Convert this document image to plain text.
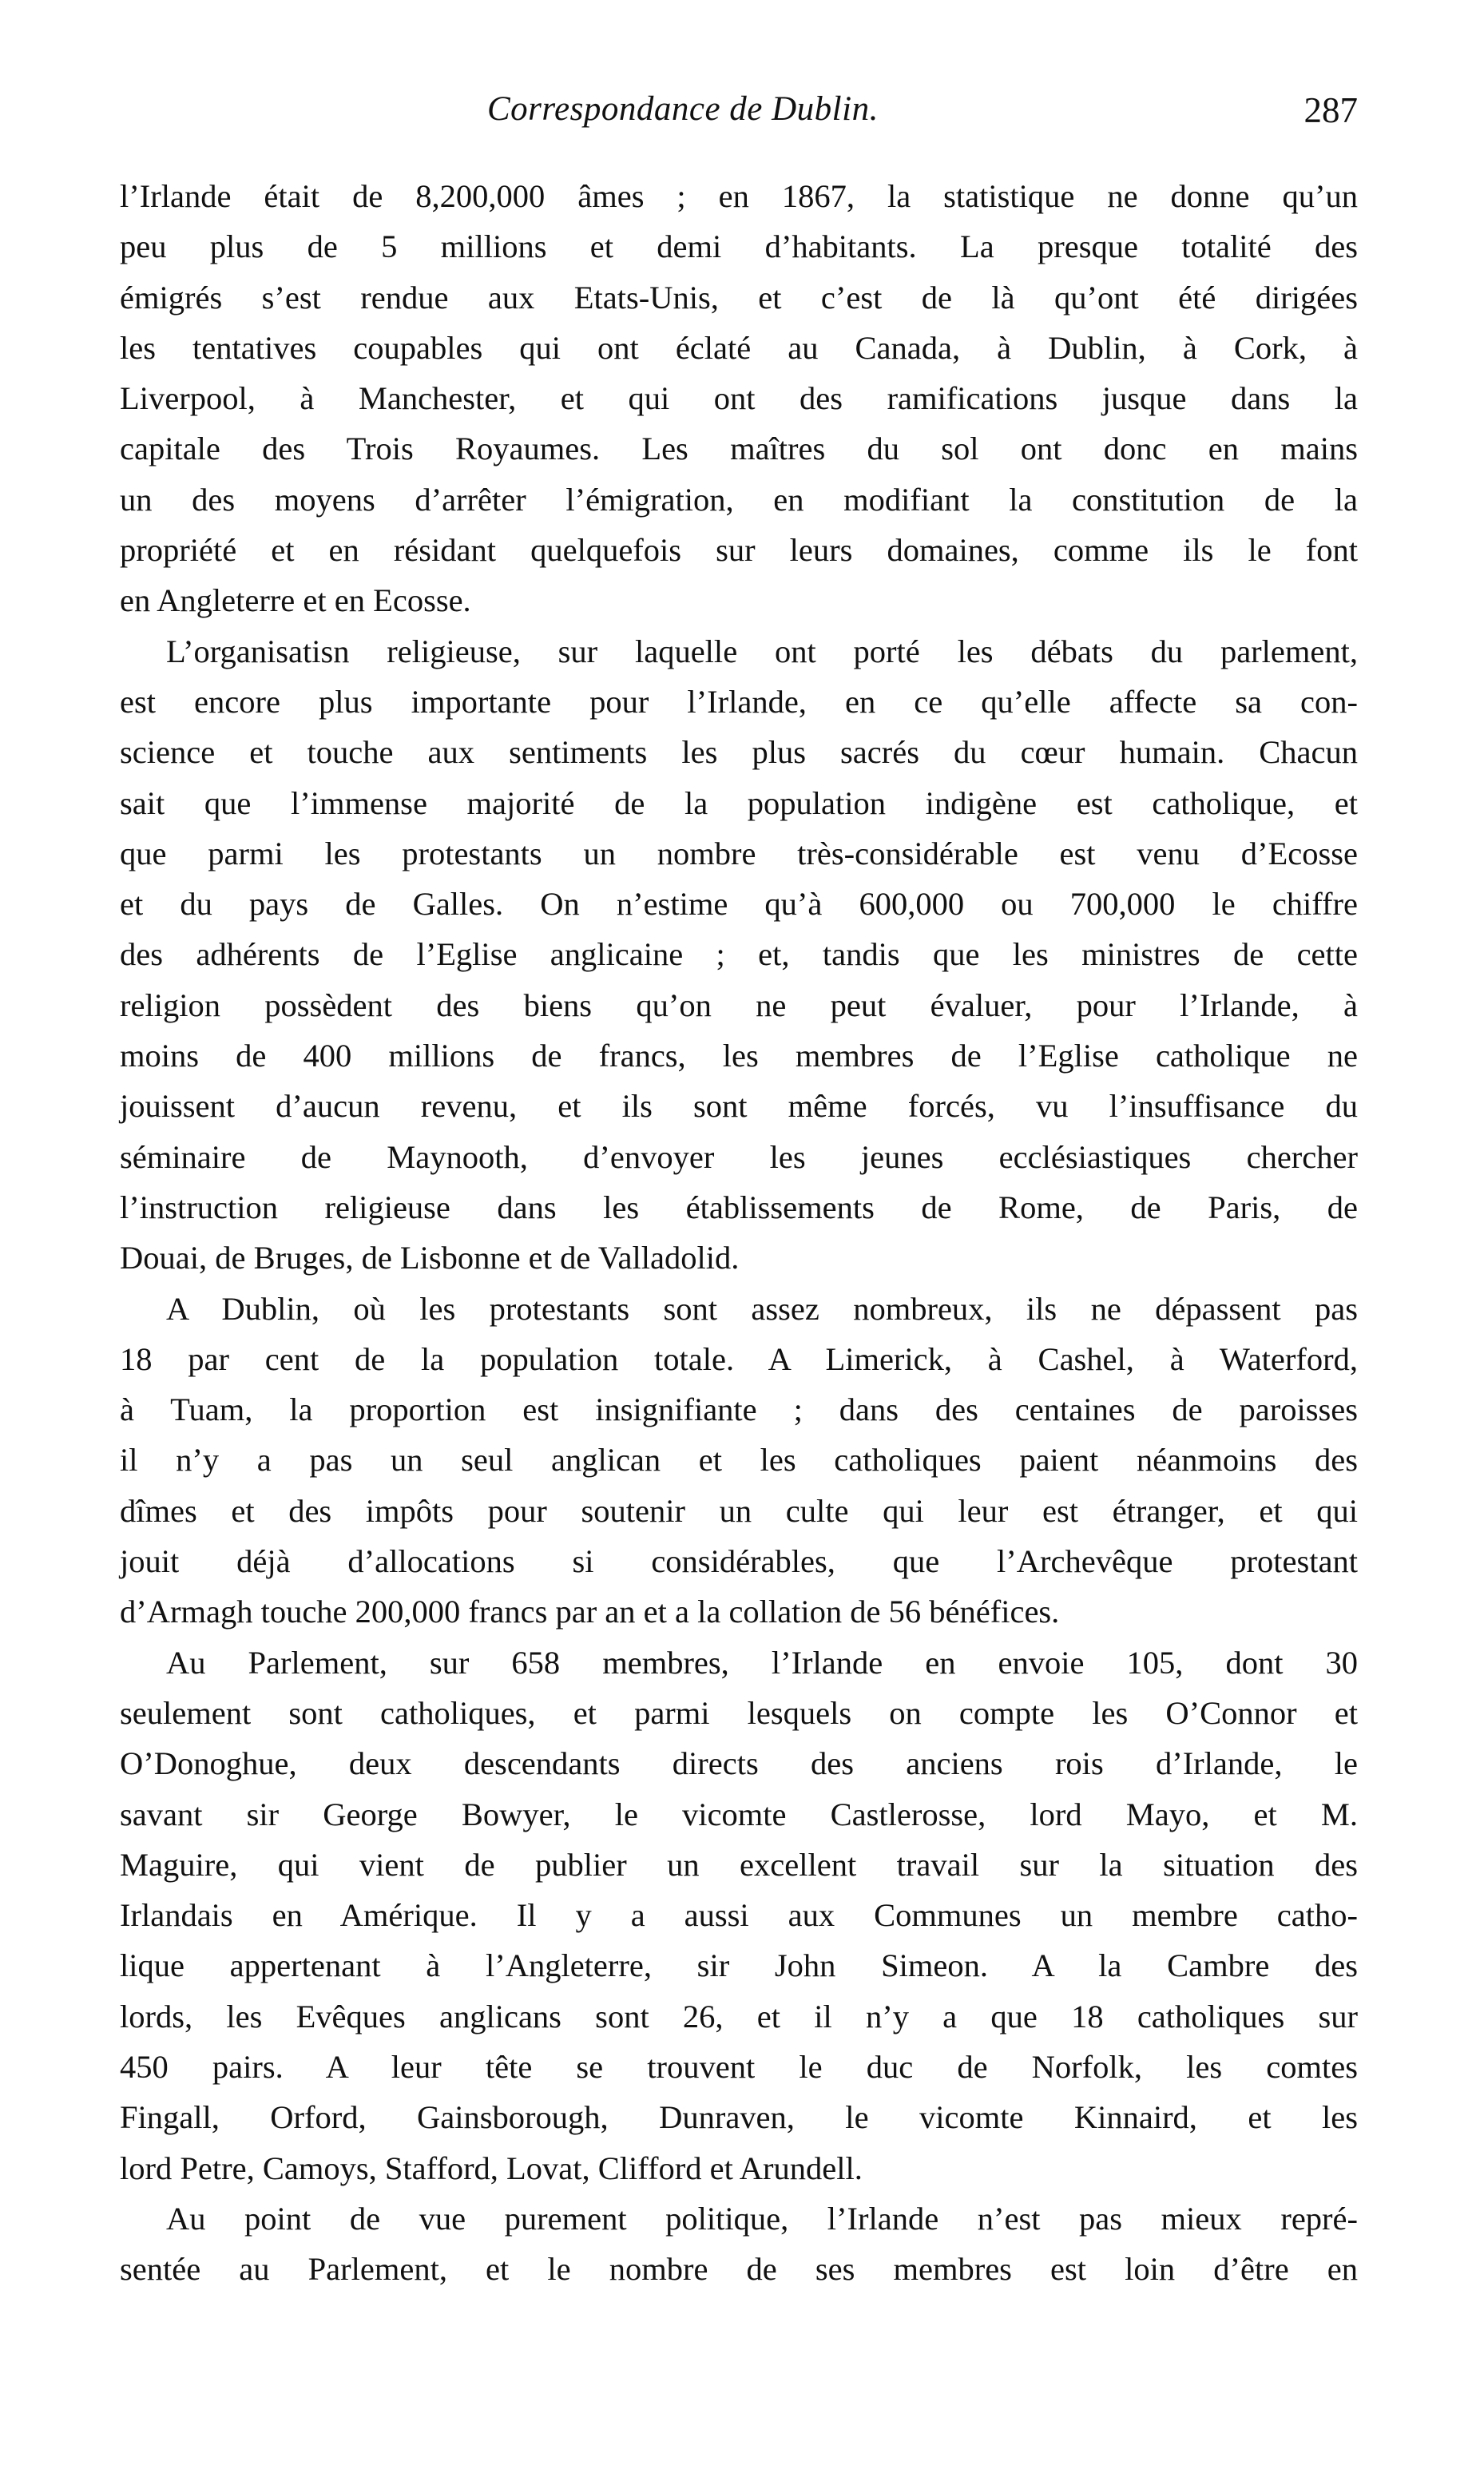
Correspondance de Dublin.	287
l’Irlande était de 8,200,000 âmes ; en 1867, la statistique ne donne qu’un
peu plus de 5 millions et demi d’habitants. La presque totalité des
émigrés s’est rendue aux Etats-Unis, et c’est de là qu’ont été dirigées
les tentatives coupables qui ont éclaté au Canada, à Dublin, à Cork, à
Liverpool, à Manchester, et qui ont des ramifications jusque dans la
capitale des Trois Royaumes. Les maîtres du sol ont donc en mains
un des moyens d’arrêter l’émigration, en modifiant la constitution de la
propriété et en résidant quelquefois sur leurs domaines, comme ils le font
en Angleterre et en Ecosse.
L’organisatisn religieuse, sur laquelle ont porté les débats du parlement,
est encore plus importante pour l’Irlande, en ce qu’elle affecte sa con-
science et touche aux sentiments les plus sacrés du cœur humain. Chacun
sait que l’immense majorité de la population indigène est catholique, et
que parmi les protestants un nombre très-considérable est venu d’Ecosse
et du pays de Galles. On n’estime qu’à 600,000 ou 700,000 le chiffre
des adhérents de l’Eglise anglicaine ; et, tandis que les ministres de cette
religion possèdent des biens qu’on ne peut évaluer, pour l’Irlande, à
moins de 400 millions de francs, les membres de l’Eglise catholique ne
jouissent d’aucun revenu, et ils sont même forcés, vu l’insuffisance du
séminaire de Maynooth, d’envoyer les jeunes ecclésiastiques chercher
l’instruction religieuse dans les établissements de Rome, de Paris, de
Douai, de Bruges, de Lisbonne et de Valladolid.
A Dublin, où les protestants sont assez nombreux, ils ne dépassent pas
18 par cent de la population totale. A Limerick, à Cashel, à Waterford,
à Tuam, la proportion est insignifiante ; dans des centaines de paroisses
il n’y a pas un seul anglican et les catholiques paient néanmoins des
dîmes et des impôts pour soutenir un culte qui leur est étranger, et qui
jouit déjà d’allocations si considérables, que l’Archevêque protestant
d’Armagh touche 200,000 francs par an et a la collation de 56 bénéfices.
Au Parlement, sur 658 membres, l’Irlande en envoie 105, dont 30
seulement sont catholiques, et parmi lesquels on compte les O’Connor et
O’Donoghue, deux descendants directs des anciens rois d’Irlande, le
savant sir George Bowyer, le vicomte Castlerosse, lord Mayo, et M.
Maguire, qui vient de publier un excellent travail sur la situation des
Irlandais en Amérique. Il y a aussi aux Communes un membre catho-
lique appertenant à l’Angleterre, sir John Simeon. A la Cambre des
lords, les Evêques anglicans sont 26, et il n’y a que 18 catholiques sur
450 pairs. A leur tête se trouvent le duc de Norfolk, les comtes
Fingall, Orford, Gainsborough, Dunraven, le vicomte Kinnaird, et les
lord Petre, Camoys, Stafford, Lovat, Clifford et Arundell.
Au point de vue purement politique, l’Irlande n’est pas mieux repré-
sentée au Parlement, et le nombre de ses membres est loin d’être en
